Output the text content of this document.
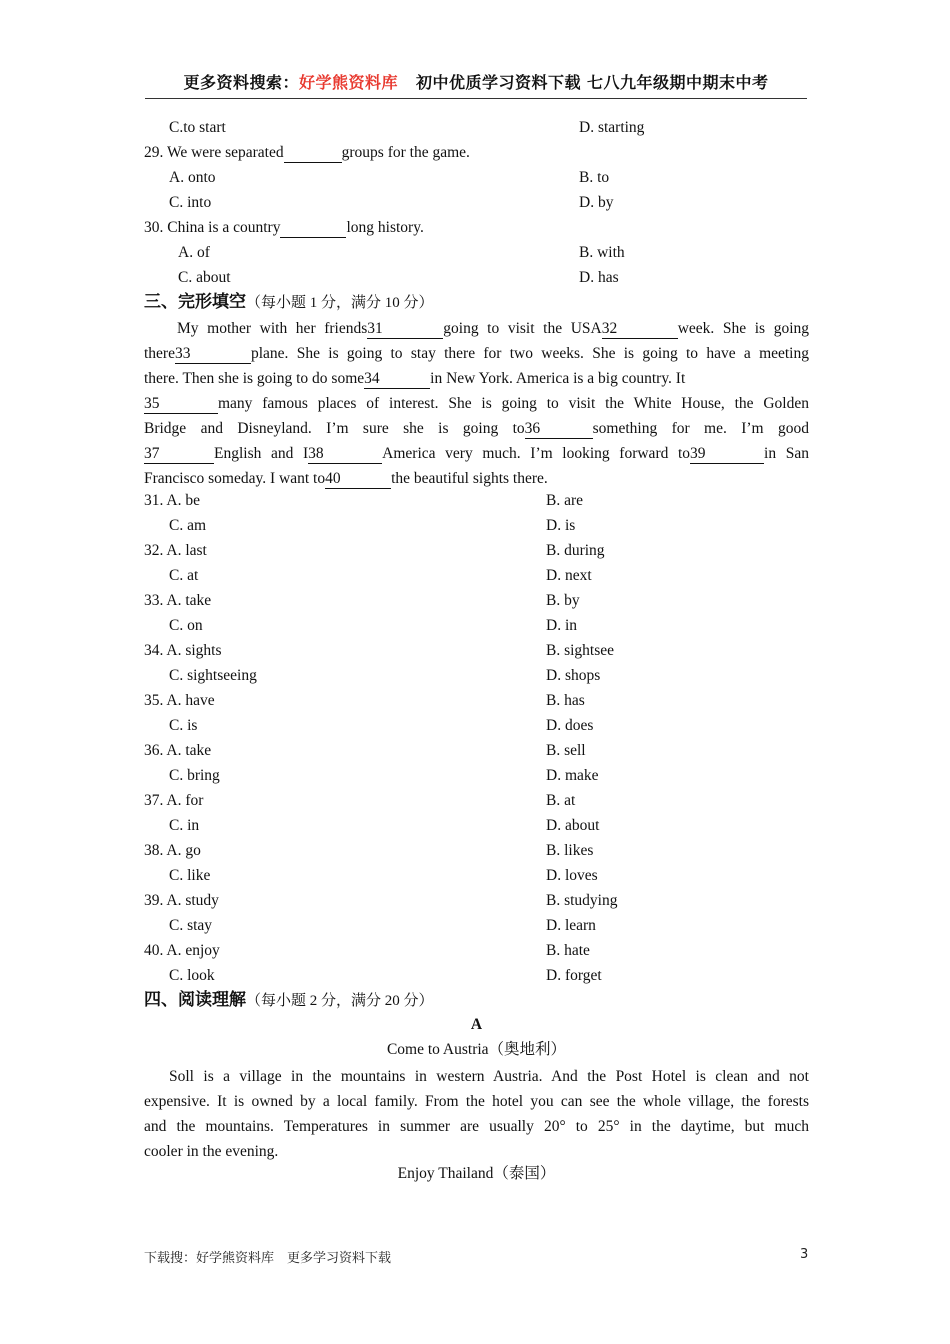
更多资料搜索：好学熊资料库 初中优质学习资料下载 七八九年级期中期末中考
C.to start	D. starting
29. We were separated	groups for the game.
A. onto	B. to
C. into	D. by
30. China is a country	long history.
A. of	B. with
C. about	D. has
三、完形填空（每小题 1 分，满分 10 分）
My mother with her friends31	going to visit the USA32	week. She is going
there33	plane. She is going to stay there for two weeks. She is going to have a meeting
there. Then she is going to do some34	in New York. America is a big country. It
35	many famous places of interest. She is going to visit the White House, the Golden
Bridge and Disneyland. I’m sure she is going to36	something for me. I’m good
37	English and I38	America very much. I’m looking forward to39	in San
Francisco someday. I want to40	the beautiful sights there.
31. A. be	B. are
C. am	D. is
32. A. last	B. during
C. at	D. next
33. A. take	B. by
C. on	D. in
34. A. sights	B. sightsee
C. sightseeing	D. shops
35. A. have	B. has
C. is	D. does
36. A. take	B. sell
C. bring	D. make
37. A. for	B. at
C. in	D. about
38. A. go	B. likes
C. like	D. loves
39. A. study	B. studying
C. stay	D. learn
40. A. enjoy	B. hate
C. look	D. forget
四、阅读理解（每小题 2 分，满分 20 分）
A
Come to Austria（奥地利）
Soll is a village in the mountains in western Austria. And the Post Hotel is clean and not
expensive. It is owned by a local family. From the hotel you can see the whole village, the forests
and the mountains. Temperatures in summer are usually 20° to 25° in the daytime, but much
cooler in the evening.
Enjoy Thailand（泰国）
下载搜：好学熊资料库　更多学习资料下载	3
